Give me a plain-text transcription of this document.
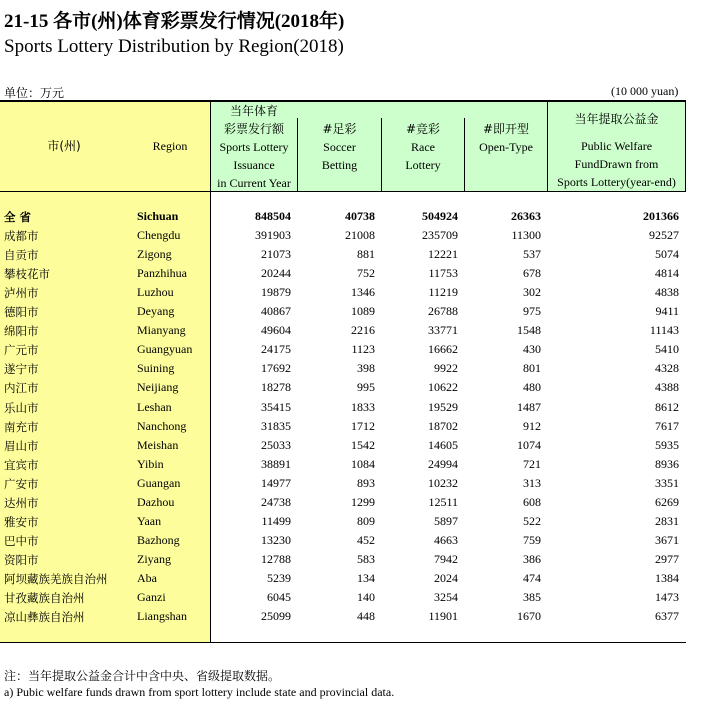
21-15 各市(州)体育彩票发行情况(2018年)
Sports Lottery Distribution by Region(2018)
单位：万元	(10 000 yuan)
市(州)	Region
当年体育
彩票发行额
Sports Lottery
Issuance
in Current Year
#足彩
Soccer
Betting
#竞彩
Race
Lottery
#即开型
Open-Type
当年提取公益金
Public Welfare
FundDrawn from
Sports Lottery(year-end)
全 省	Sichuan	848504	40738	504924	26363	201366
成都市	Chengdu	391903	21008	235709	11300	92527
自贡市	Zigong	21073	881	12221	537	5074
攀枝花市	Panzhihua	20244	752	11753	678	4814
泸州市	Luzhou	19879	1346	11219	302	4838
德阳市	Deyang	40867	1089	26788	975	9411
绵阳市	Mianyang	49604	2216	33771	1548	11143
广元市	Guangyuan	24175	1123	16662	430	5410
遂宁市	Suining	17692	398	9922	801	4328
内江市	Neijiang	18278	995	10622	480	4388
乐山市	Leshan	35415	1833	19529	1487	8612
南充市	Nanchong	31835	1712	18702	912	7617
眉山市	Meishan	25033	1542	14605	1074	5935
宜宾市	Yibin	38891	1084	24994	721	8936
广安市	Guangan	14977	893	10232	313	3351
达州市	Dazhou	24738	1299	12511	608	6269
雅安市	Yaan	11499	809	5897	522	2831
巴中市	Bazhong	13230	452	4663	759	3671
资阳市	Ziyang	12788	583	7942	386	2977
阿坝藏族羌族自治州 Aba	5239	134	2024	474	1384
甘孜藏族自治州	Ganzi	6045	140	3254	385	1473
凉山彝族自治州	Liangshan	25099	448	11901	1670	6377
注：当年提取公益金合计中含中央、省级提取数据。
a) Pubic welfare funds drawn from sport lottery include state and provincial data.
